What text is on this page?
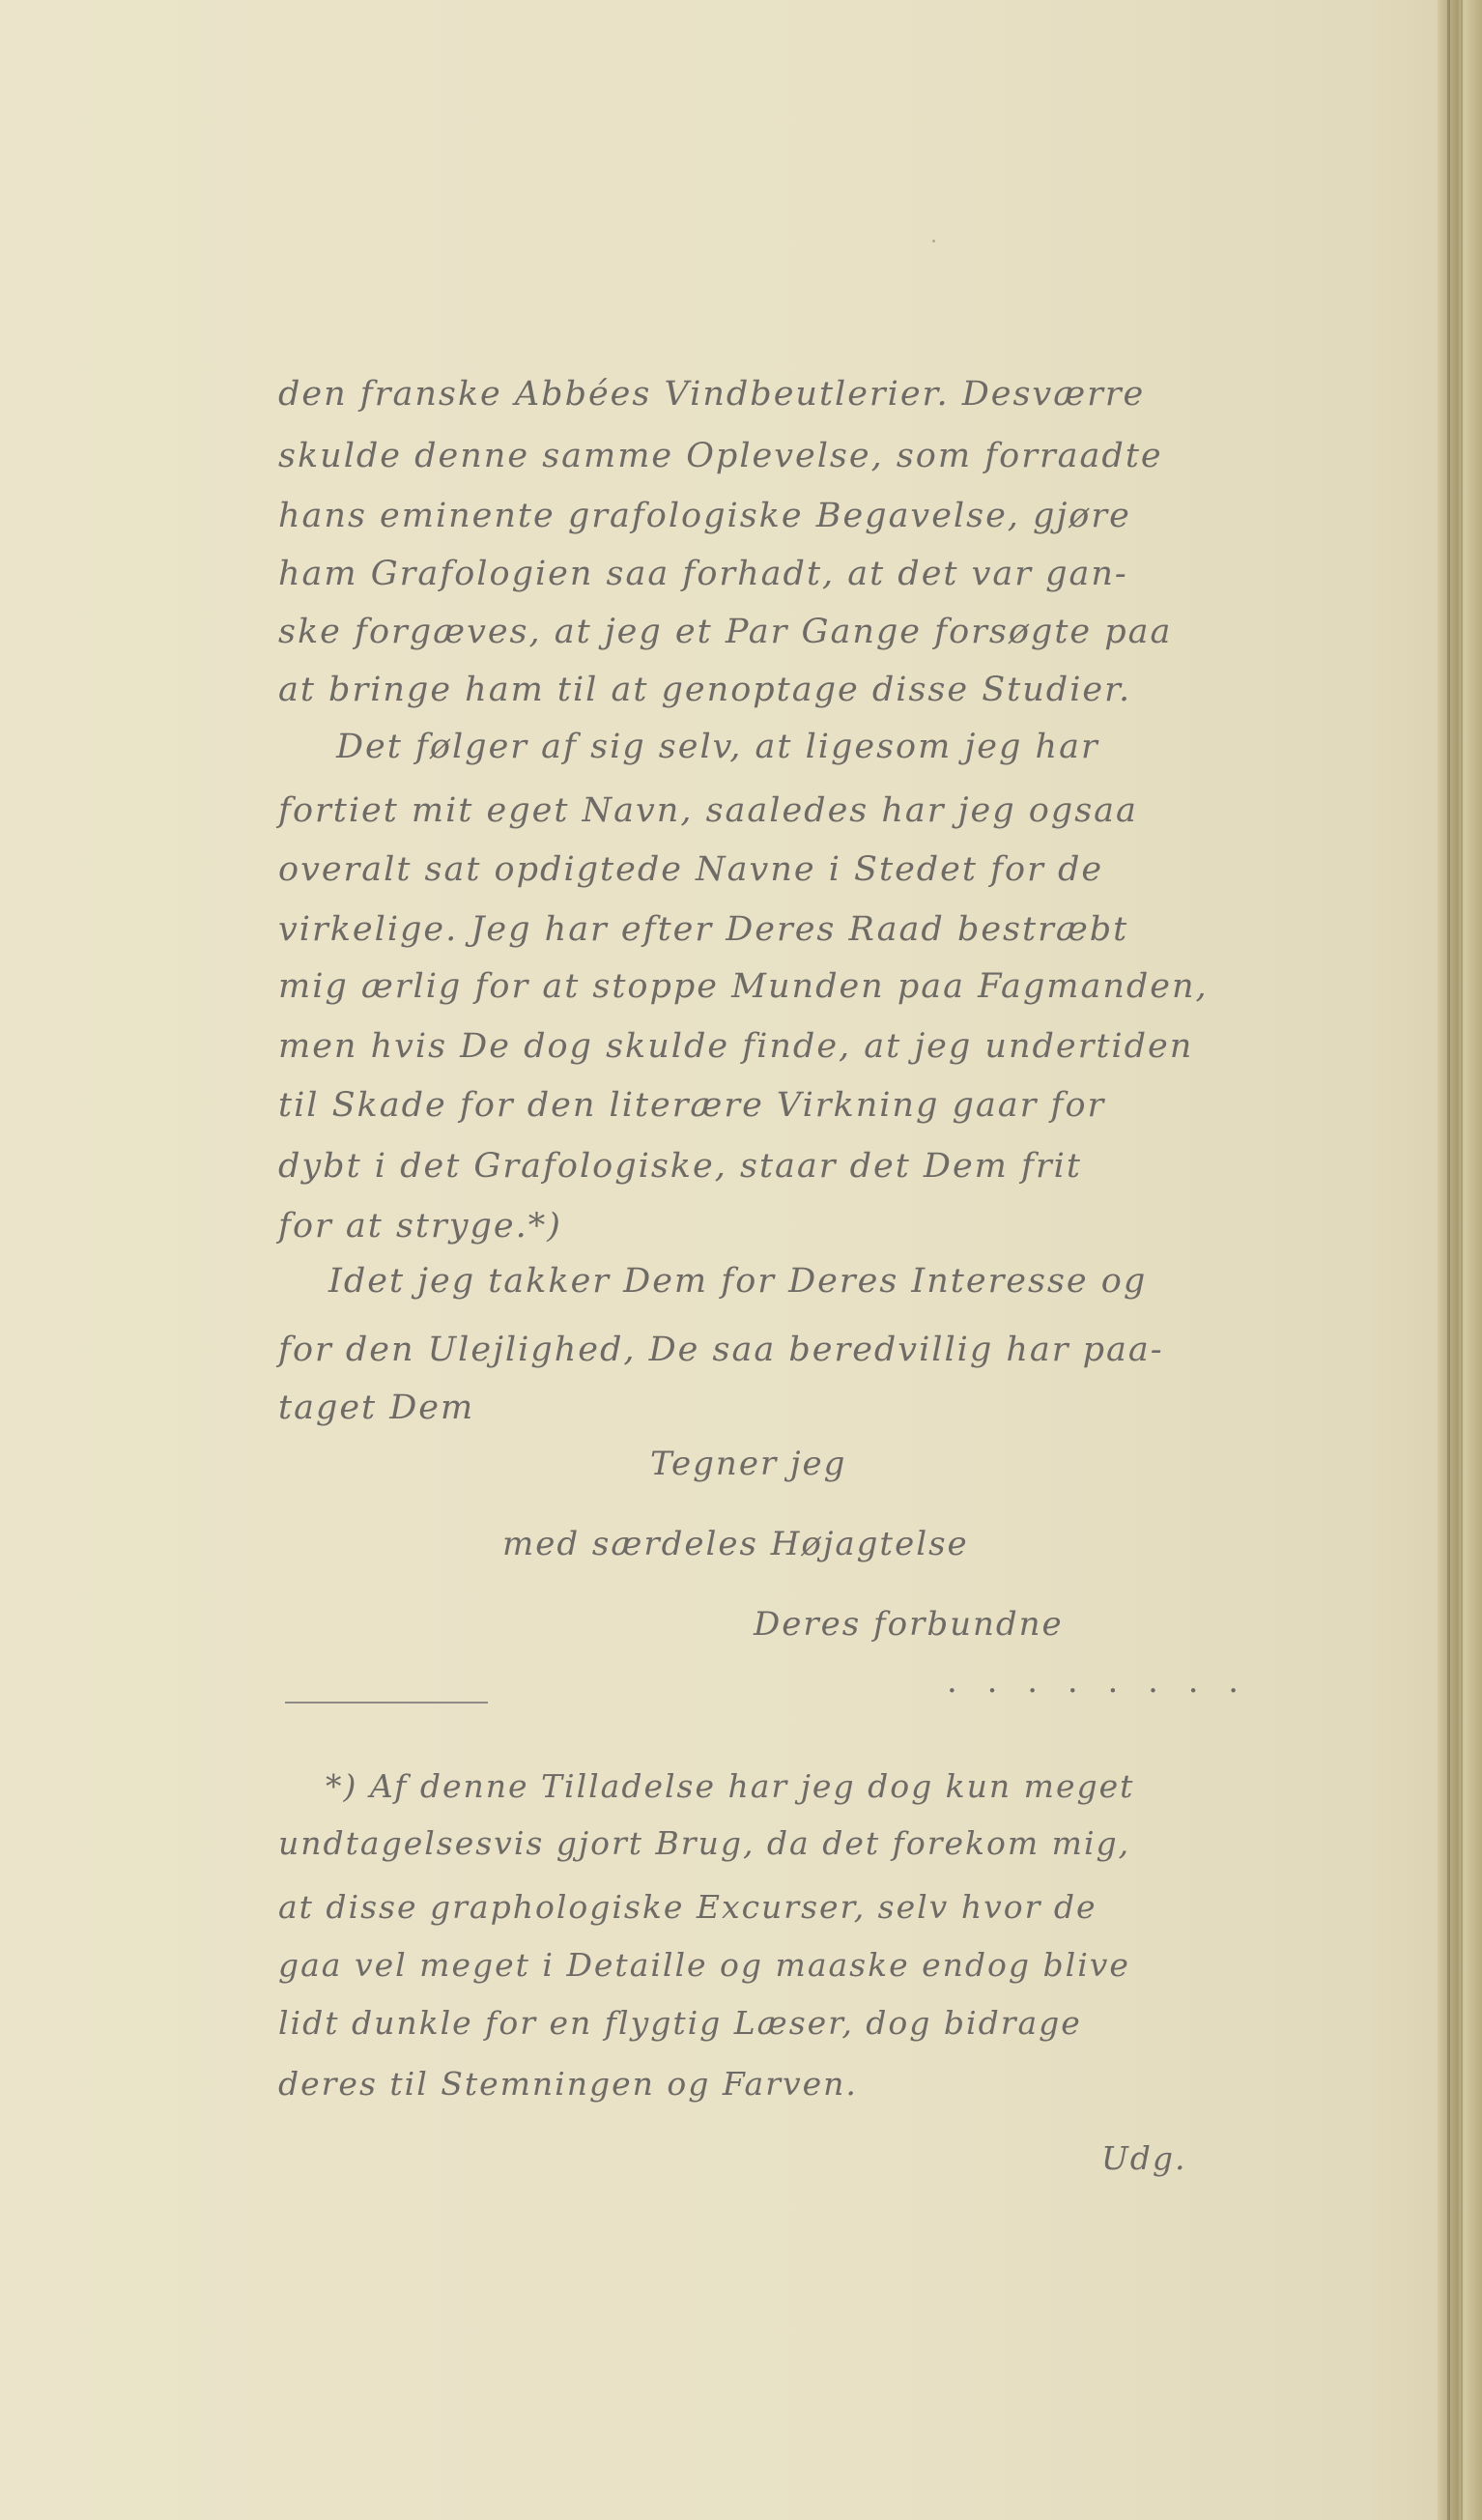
den franske Abbées Vindbeutlerier. Desværre

skulde denne samme Oplevelse, som forraadte

hans eminente grafologiske Begavelse, gjøre

ham Grafologien saa forhadt, at det var gan-

ske forgæves, at jeg et Par Gange forsøgte paa

at bringe ham til at genoptage disse Studier.

Det følger af sig selv, at ligesom jeg har

fortiet mit eget Navn, saaledes har jeg ogsaa

overalt sat opdigtede Navne i Stedet for de

virkelige. Jeg har efter Deres Raad bestræbt

mig ærlig for at stoppe Munden paa Fagmanden,

men hvis De dog skulde finde, at jeg undertiden

til Skade for den literære Virkning gaar for

dybt i det Grafologiske, staar det Dem frit

for at stryge.*)

Idet jeg takker Dem for Deres Interesse og

for den Ulejlighed, De saa beredvillig har paa-

taget Dem

Tegner jeg

med særdeles Højagtelse

Deres forbundne

· · · · · · · ·

*) Af denne Tilladelse har jeg dog kun meget

undtagelsesvis gjort Brug, da det forekom mig,

at disse graphologiske Excurser, selv hvor de

gaa vel meget i Detaille og maaske endog blive

lidt dunkle for en flygtig Læser, dog bidrage

deres til Stemningen og Farven.

Udg.
